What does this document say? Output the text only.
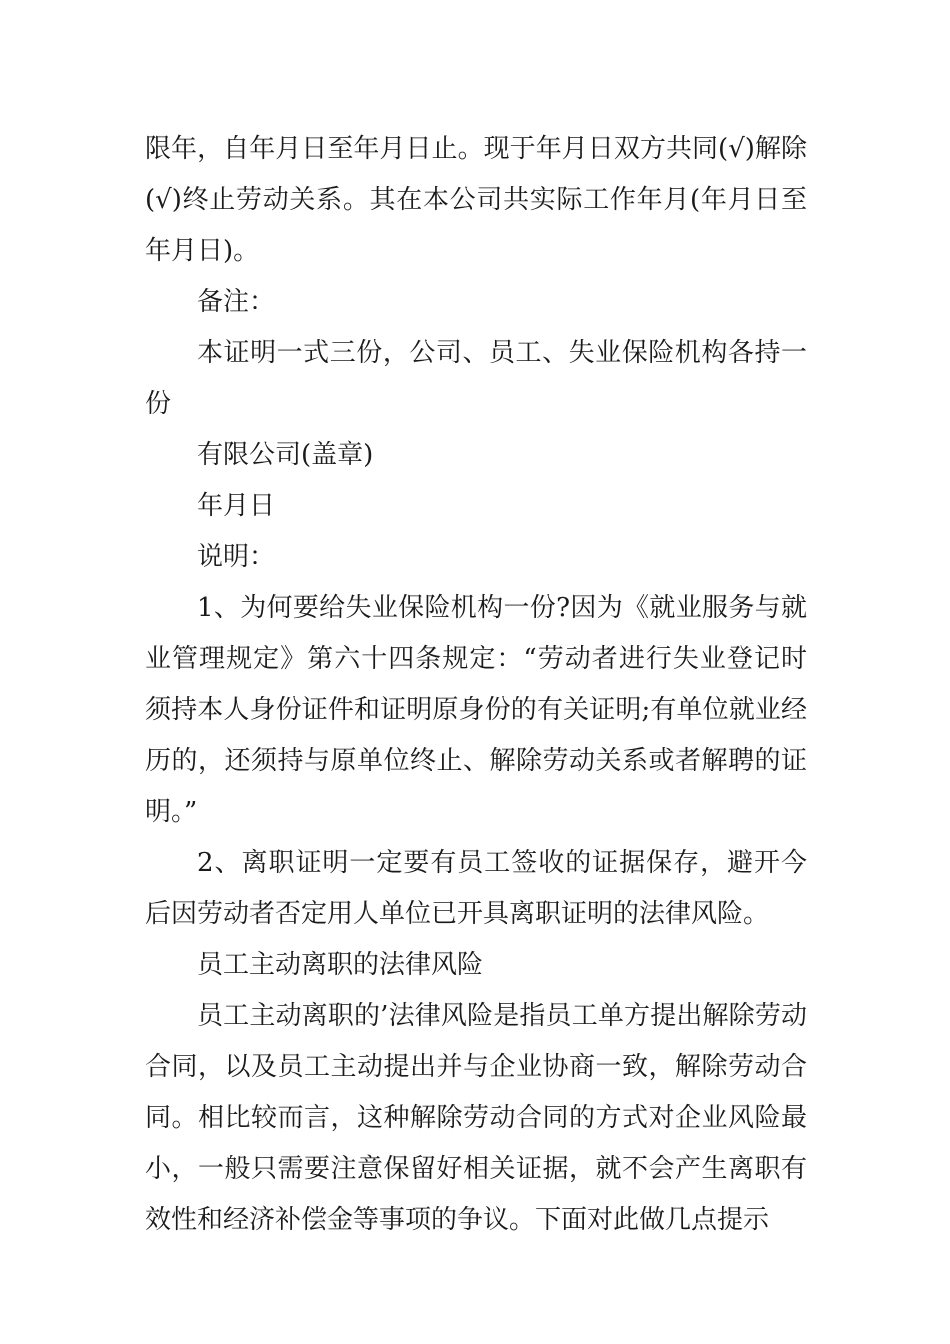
限年，自年月日至年月日止。现于年月日双方共同(√)解除(√)终止劳动关系。其在本公司共实际工作年月(年月日至年月日)。

备注：

本证明一式三份，公司、员工、失业保险机构各持一份

有限公司(盖章)

年月日

说明：

1、为何要给失业保险机构一份?因为《就业服务与就业管理规定》第六十四条规定：“劳动者进行失业登记时须持本人身份证件和证明原身份的有关证明;有单位就业经历的，还须持与原单位终止、解除劳动关系或者解聘的证明。”

2、离职证明一定要有员工签收的证据保存，避开今后因劳动者否定用人单位已开具离职证明的法律风险。

员工主动离职的法律风险

员工主动离职的’法律风险是指员工单方提出解除劳动合同，以及员工主动提出并与企业协商一致，解除劳动合同。相比较而言，这种解除劳动合同的方式对企业风险最小，一般只需要注意保留好相关证据，就不会产生离职有效性和经济补偿金等事项的争议。下面对此做几点提示
